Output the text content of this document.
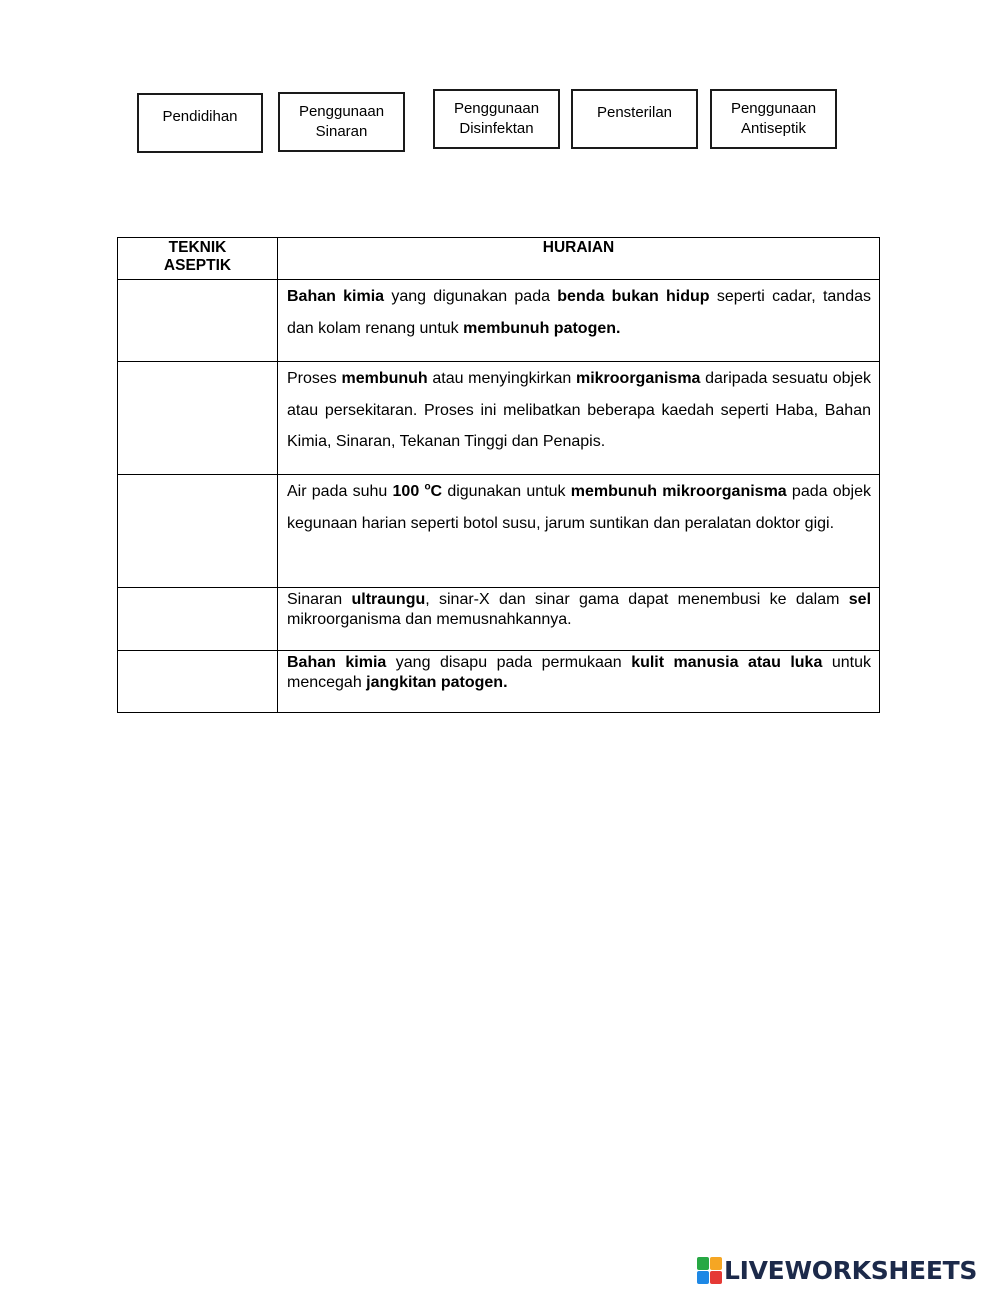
Pendidihan	Penggunaan
Sinaran
Penggunaan
Disinfektan
Pensterilan	Penggunaan
Antiseptik
TEKNIK
ASEPTIK	HURAIAN

	Bahan kimia yang digunakan pada benda bukan hidup seperti cadar, tandas dan kolam renang untuk membunuh patogen.

	Proses membunuh atau menyingkirkan mikroorganisma daripada sesuatu objek atau persekitaran. Proses ini melibatkan beberapa kaedah seperti Haba, Bahan Kimia, Sinaran, Tekanan Tinggi dan Penapis.

	Air pada suhu 100 $^o$C digunakan untuk membunuh mikroorganisma pada objek kegunaan harian seperti botol susu, jarum suntikan dan peralatan doktor gigi.

	Sinaran ultraungu, sinar-X dan sinar gama dapat menembusi ke dalam sel mikroorganisma dan memusnahkannya.

	Bahan kimia yang disapu pada permukaan kulit manusia atau luka untuk mencegah jangkitan patogen.
LIVEWORKSHEETS
